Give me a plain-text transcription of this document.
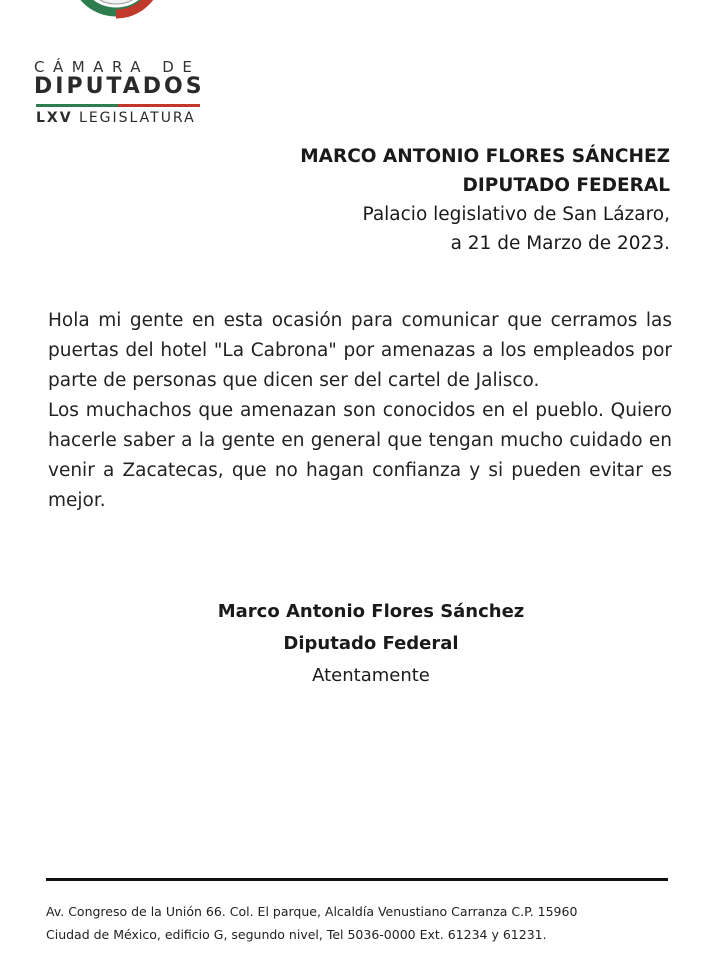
CÁMARA DE
DIPUTADOS
LXV LEGISLATURA
MARCO ANTONIO FLORES SÁNCHEZ
DIPUTADO FEDERAL
Palacio legislativo de San Lázaro,
a 21 de Marzo de 2023.

Hola mi gente en esta ocasión para comunicar que cerramos las puertas del hotel "La Cabrona" por amenazas a los empleados por parte de personas que dicen ser del cartel de Jalisco.

Los muchachos que amenazan son conocidos en el pueblo. Quiero hacerle saber a la gente en general que tengan mucho cuidado en venir a Zacatecas, que no hagan confianza y si pueden evitar es mejor.

Marco Antonio Flores Sánchez
Diputado Federal
Atentamente
Av. Congreso de la Unión 66. Col. El parque, Alcaldía Venustiano Carranza C.P. 15960
Ciudad de México, edificio G, segundo nivel, Tel 5036-0000 Ext. 61234 y 61231.
